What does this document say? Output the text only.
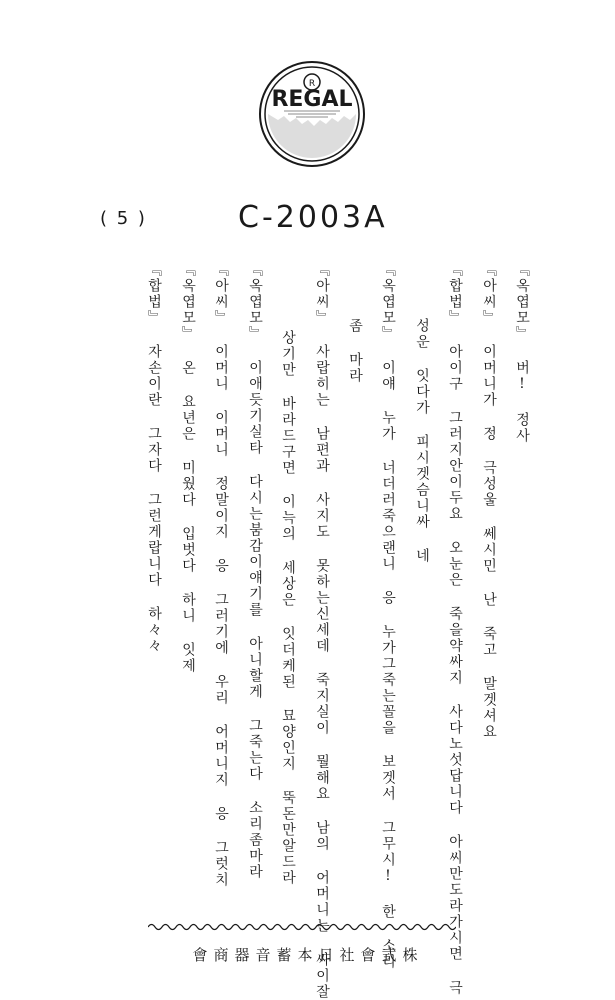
R
REGAL
( 5 )	C-2003A
『옥엽모』 버! 정사
『아씨』 이머니가 정 극성울 쎄시민 난 죽고 말겟셔요
『합법』 아이구 그러지안이두요 오눈은 죽을약싸지 사다노섯답니다 아씨만도라가시면 극
성운 잇다가 피시겟슴니싸 네
『옥엽모』 이얘 누가 너더러죽으랜니 응 누가그죽는꼴을 보겟서 그무시! 한 소리
좀 마라
『아씨』 사랍히는 남편과 사지도 못하는신세데 죽지실이 뭘해요 남의 어머니는 싸이잘
상기만 바라드구면 이늑의 세상은 잇더케된 묘양인지 뚝돈만알드라
『옥엽모』 이애듯기실타 다시는붐감이얘기를 아니할게 그죽는다 소리좀마라
『아씨』 이머니 이머니 정말이지 응 그러기에 우리 어머니지 응 그럿치
『옥엽모』 온 요년은 미웠다 입벗다 하니 잇제
『합법』 자손이란 그자다 그런게랍니다 하々々
會商器音蓄本日社會式株
